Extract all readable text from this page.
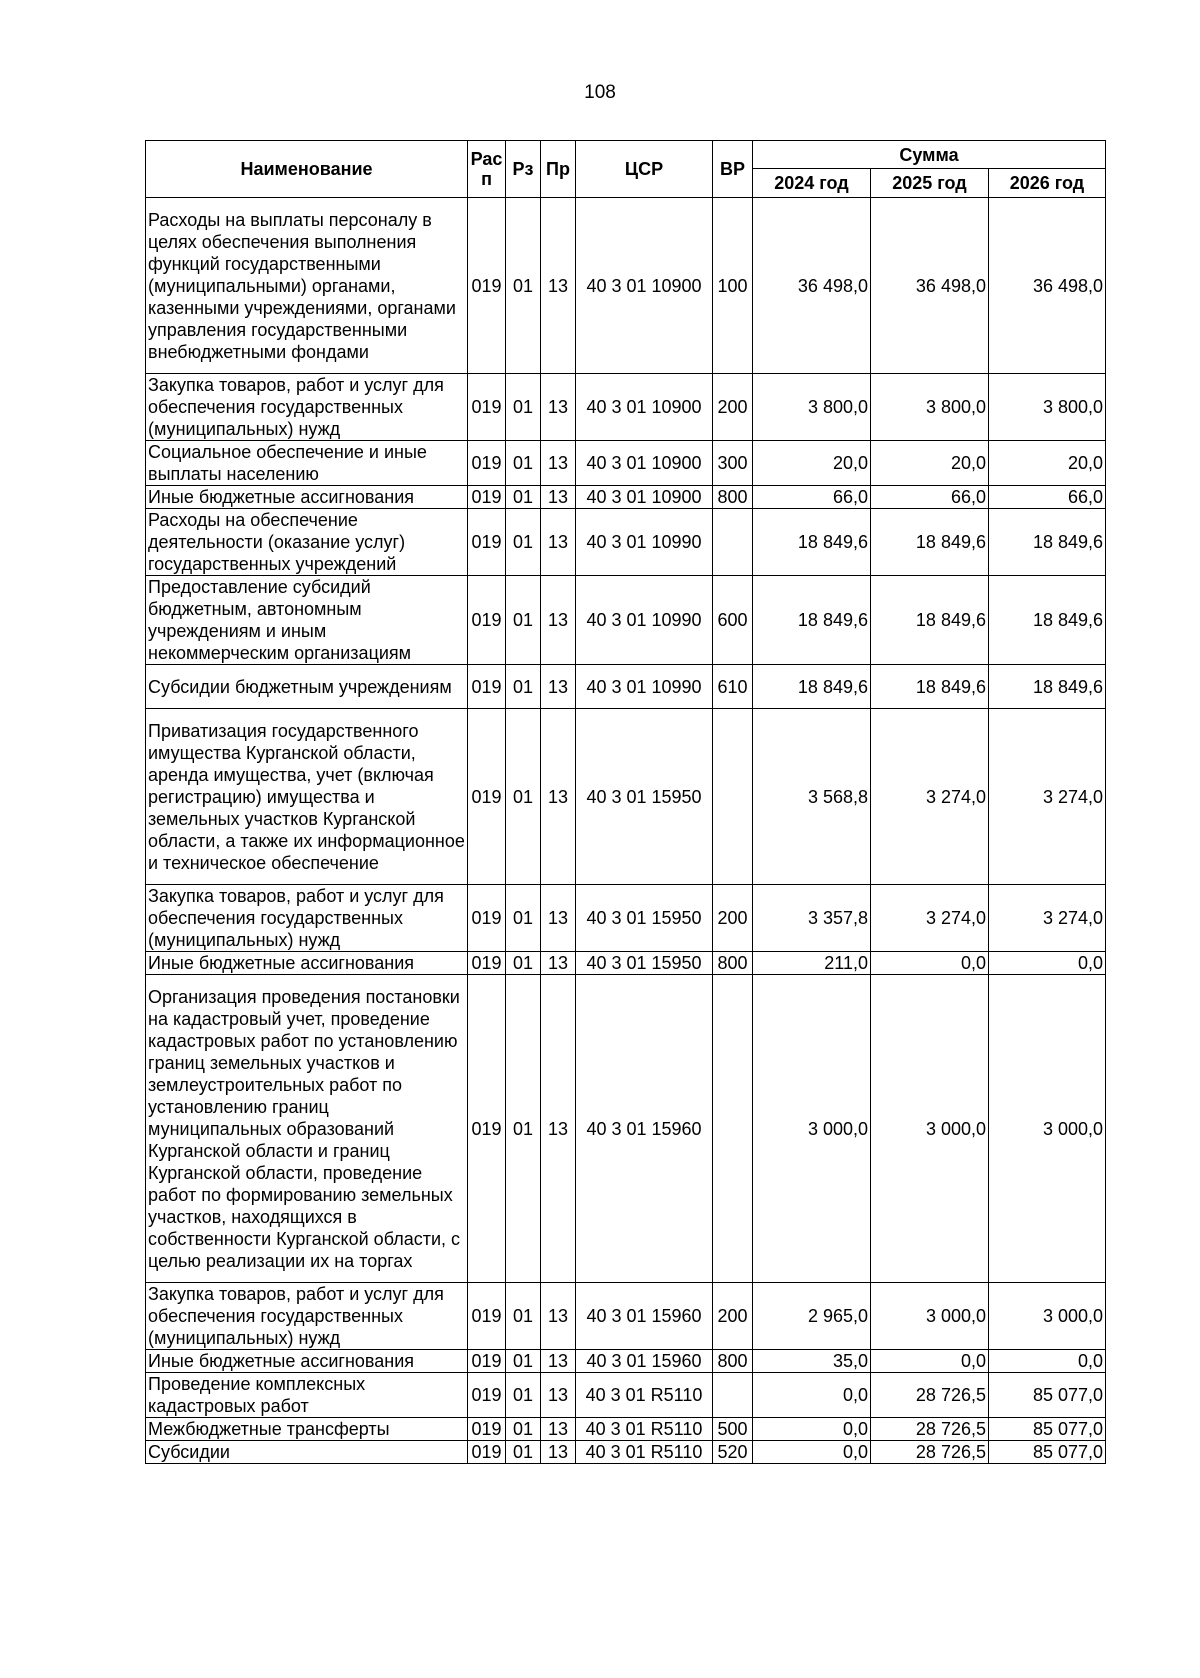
108
Наименование	Рас п	Рз	Пр	ЦСР	ВР	Сумма		
						2024 год	2025 год	2026 год
Расходы на выплаты персоналу в целях обеспечения выполнения функций государственными (муниципальными) органами, казенными учреждениями, органами управления государственными внебюджетными фондами	019	01	13	40 3 01 10900	100	36 498,0	36 498,0	36 498,0
Закупка товаров, работ и услуг для обеспечения государственных (муниципальных) нужд	019	01	13	40 3 01 10900	200	3 800,0	3 800,0	3 800,0
Социальное обеспечение и иные выплаты населению	019	01	13	40 3 01 10900	300	20,0	20,0	20,0
Иные бюджетные ассигнования	019	01	13	40 3 01 10900	800	66,0	66,0	66,0
Расходы на обеспечение деятельности (оказание услуг) государственных учреждений	019	01	13	40 3 01 10990		18 849,6	18 849,6	18 849,6
Предоставление субсидий бюджетным, автономным учреждениям и иным некоммерческим организациям	019	01	13	40 3 01 10990	600	18 849,6	18 849,6	18 849,6
Субсидии бюджетным учреждениям	019	01	13	40 3 01 10990	610	18 849,6	18 849,6	18 849,6
Приватизация государственного имущества Курганской области, аренда имущества, учет (включая регистрацию) имущества и земельных участков Курганской области, а также их информационное и техническое обеспечение	019	01	13	40 3 01 15950		3 568,8	3 274,0	3 274,0
Закупка товаров, работ и услуг для обеспечения государственных (муниципальных) нужд	019	01	13	40 3 01 15950	200	3 357,8	3 274,0	3 274,0
Иные бюджетные ассигнования	019	01	13	40 3 01 15950	800	211,0	0,0	0,0
Организация проведения постановки на кадастровый учет, проведение кадастровых работ по установлению границ земельных участков и землеустроительных работ по установлению границ муниципальных образований Курганской области и границ Курганской области, проведение работ по формированию земельных участков, находящихся в собственности Курганской области, с целью реализации их на торгах	019	01	13	40 3 01 15960		3 000,0	3 000,0	3 000,0
Закупка товаров, работ и услуг для обеспечения государственных (муниципальных) нужд	019	01	13	40 3 01 15960	200	2 965,0	3 000,0	3 000,0
Иные бюджетные ассигнования	019	01	13	40 3 01 15960	800	35,0	0,0	0,0
Проведение комплексных кадастровых работ	019	01	13	40 3 01 R5110		0,0	28 726,5	85 077,0
Межбюджетные трансферты	019	01	13	40 3 01 R5110	500	0,0	28 726,5	85 077,0
Субсидии	019	01	13	40 3 01 R5110	520	0,0	28 726,5	85 077,0
